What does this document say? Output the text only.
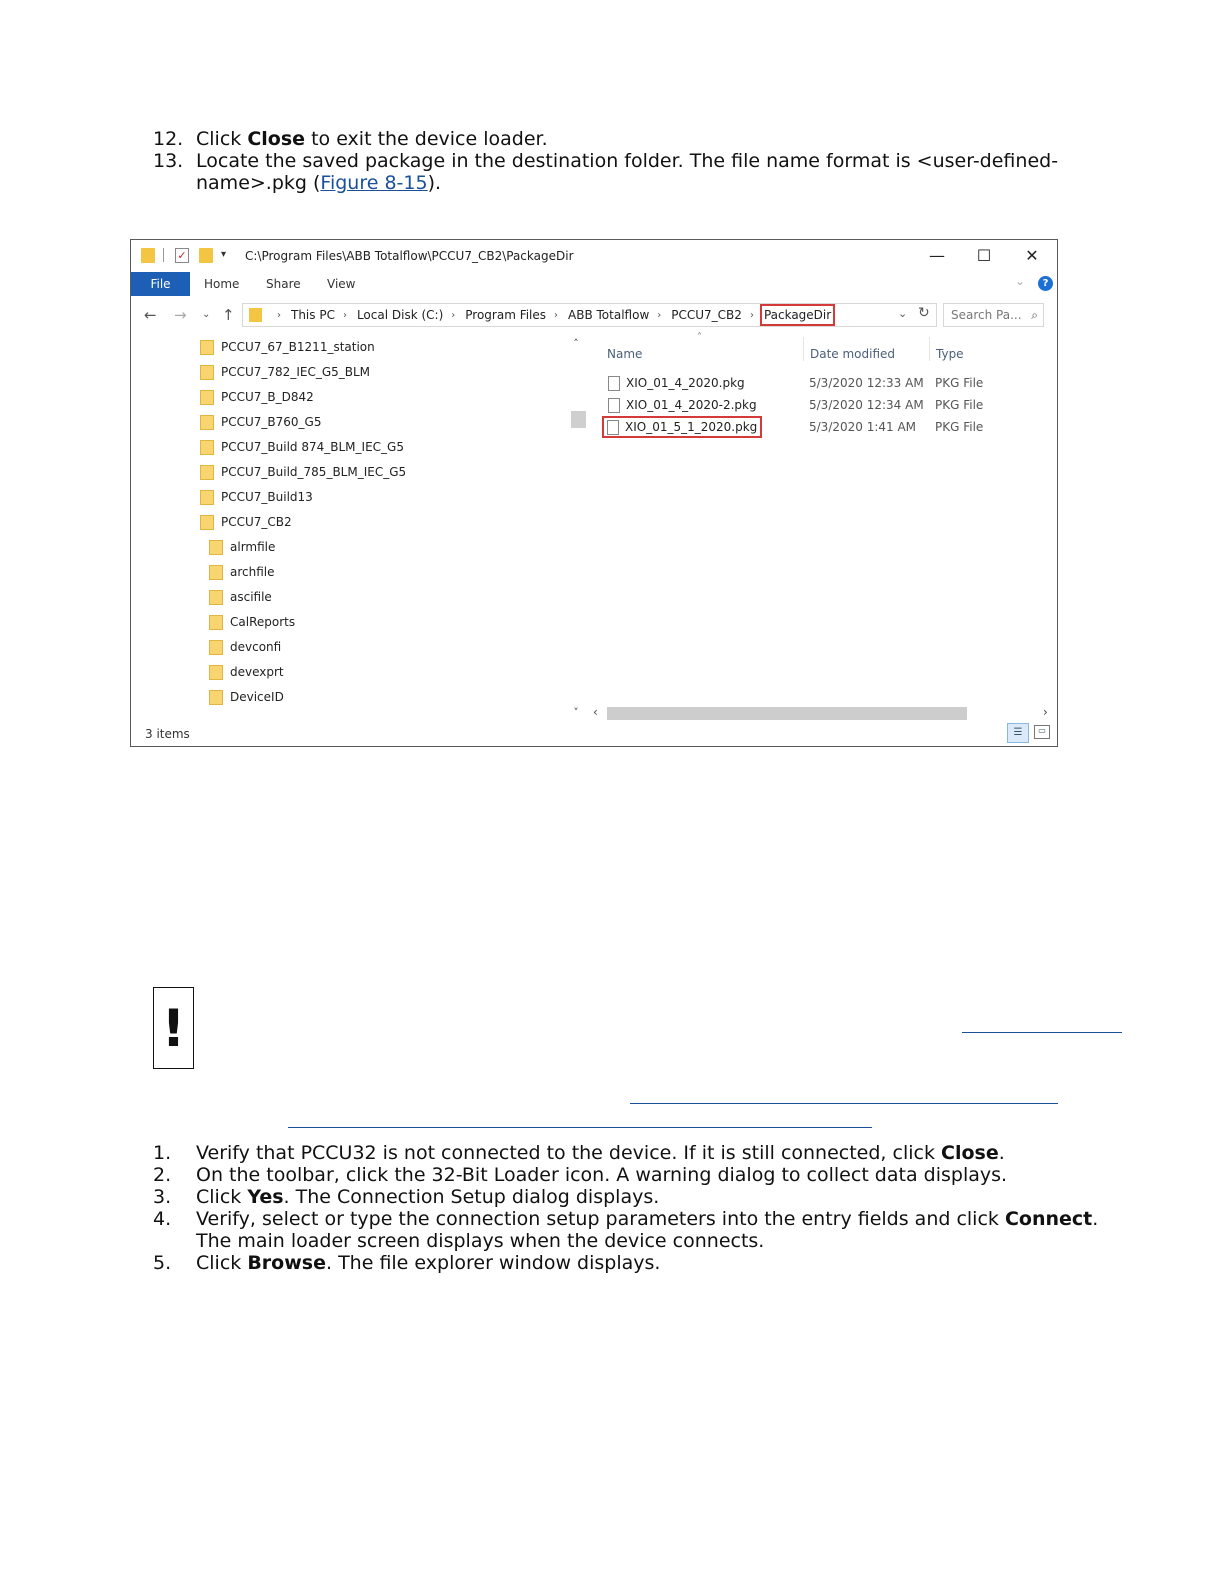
12. Click Close to exit the device loader.
13. Locate the saved package in the destination folder. The file name format is <user-defined-name>.pkg (Figure 8-15).
✓	▾ C:\Program Files\ABB Totalflow\PCCU7_CB2\PackageDir	—	☐	✕
File	Home Share View	⌄	?
← → ⌄ ↑	› This PC › Local Disk (C:) › Program Files › ABB Totalflow › PCCU7_CB2 › PackageDir	⌄ ↻	Search Pa... ⌕
PCCU7_67_B1211_station
PCCU7_782_IEC_G5_BLM
PCCU7_B_D842
PCCU7_B760_G5
PCCU7_Build 874_BLM_IEC_G5
PCCU7_Build_785_BLM_IEC_G5
PCCU7_Build13
PCCU7_CB2
alrmfile
archfile
ascifile
CalReports
devconfi
devexprt
DeviceID
˄
˅
˄
Name	Date modified	Type
XIO_01_4_2020.pkg	5/3/2020 12:33 AM PKG File
XIO_01_4_2020-2.pkg	5/3/2020 12:34 AM PKG File
XIO_01_5_1_2020.pkg	5/3/2020 1:41 AM PKG File
‹	›
3 items	☰	▭
!
1.	Verify that PCCU32 is not connected to the device. If it is still connected, click Close.
2.	On the toolbar, click the 32-Bit Loader icon. A warning dialog to collect data displays.
3.	Click Yes. The Connection Setup dialog displays.
4.	Verify, select or type the connection setup parameters into the entry fields and click Connect. The main loader screen displays when the device connects.
5.	Click Browse. The file explorer window displays.
